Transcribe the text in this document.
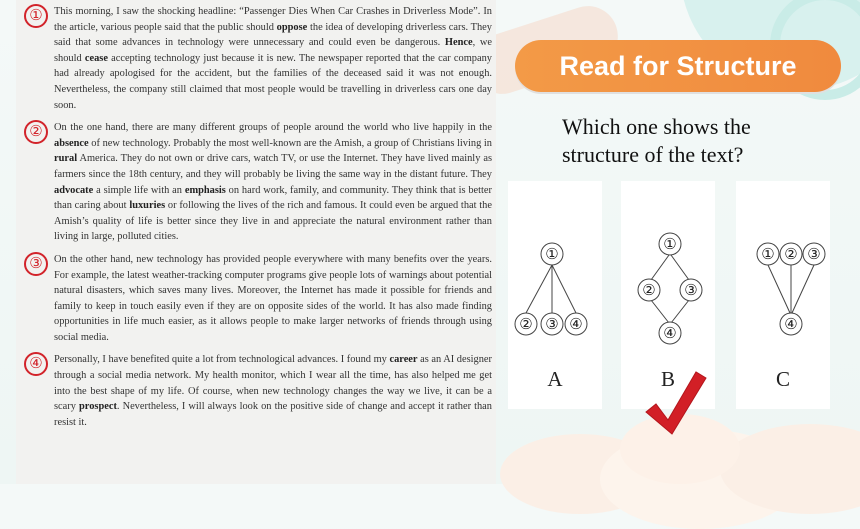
①	This morning, I saw the shocking headline: “Passenger Dies When Car Crashes in Driverless Mode”. In the article, various people said that the public should oppose the idea of developing driverless cars. They said that some advances in technology were unnecessary and could even be dangerous. Hence, we should cease accepting technology just because it is new. The newspaper reported that the car company had already apologised for the accident, but the families of the deceased said it was not enough. Nevertheless, the company still claimed that most people would be travelling in driverless cars one day soon.
②	On the one hand, there are many different groups of people around the world who live happily in the absence of new technology. Probably the most well-known are the Amish, a group of Christians living in rural America. They do not own or drive cars, watch TV, or use the Internet. They have lived mainly as farmers since the 18th century, and they will probably be living the same way in the distant future. They advocate a simple life with an emphasis on hard work, family, and community. They think that is better than caring about luxuries or following the lives of the rich and famous. It could even be argued that the Amish’s quality of life is better since they live in and appreciate the natural environment rather than living in large, polluted cities.
③	On the other hand, new technology has provided people everywhere with many benefits over the years. For example, the latest weather-tracking computer programs give people lots of warnings about potential natural disasters, which saves many lives. Moreover, the Internet has made it possible for friends and family to keep in touch easily even if they are on opposite sides of the world. It has also made finding opportunities in life much easier, as it allows people to make larger networks of friends through using social media.
④	Personally, I have benefited quite a lot from technological advances. I found my career as an AI designer through a social media network. My health monitor, which I wear all the time, has also helped me get into the best shape of my life. Of course, when new technology changes the way we live, it can be a scary prospect. Nevertheless, I will always look on the positive side of change and accept it rather than resist it.
Read for Structure
Which one shows the structure of the text?
①
② ③ ④
A
①
② ③
④
B
① ② ③
④
C
